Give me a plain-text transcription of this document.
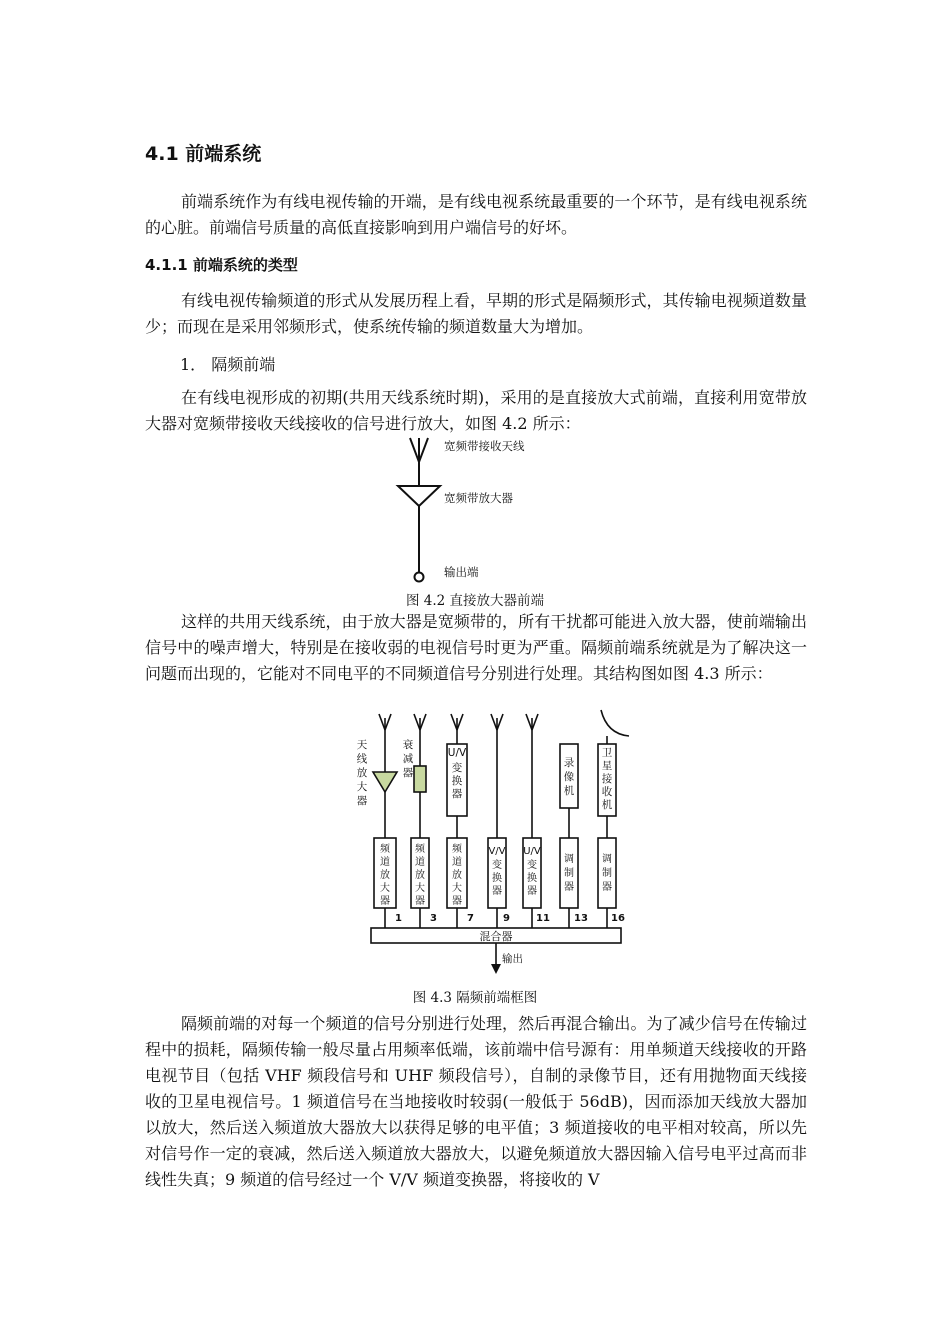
4.1 前端系统

前端系统作为有线电视传输的开端，是有线电视系统最重要的一个环节，是有线电视系统的心脏。前端信号质量的高低直接影响到用户端信号的好坏。

4.1.1 前端系统的类型

有线电视传输频道的形式从发展历程上看，早期的形式是隔频形式，其传输电视频道数量少；而现在是采用邻频形式，使系统传输的频道数量大为增加。

1． 隔频前端

在有线电视形成的初期(共用天线系统时期)，采用的是直接放大式前端，直接利用宽带放大器对宽频带接收天线接收的信号进行放大，如图 4.2 所示：

宽频带接收天线
宽频带放大器
输出端
图 4.2 直接放大器前端

这样的共用天线系统，由于放大器是宽频带的，所有干扰都可能进入放大器，使前端输出信号中的噪声增大，特别是在接收弱的电视信号时更为严重。隔频前端系统就是为了解决这一问题而出现的，它能对不同电平的不同频道信号分别进行处理。其结构图如图 4.3 所示：

天线放大器
衰减器
U/V 变换器
录像机
卫星接收机
频道放大器
频道放大器
频道放大器
V/V 变换器
U/V 变换器
调制器
调制器
1	3	7	9	11 13 16
混合器
输出
图 4.3 隔频前端框图

隔频前端的对每一个频道的信号分别进行处理，然后再混合输出。为了减少信号在传输过程中的损耗，隔频传输一般尽量占用频率低端，该前端中信号源有：用单频道天线接收的开路电视节目（包括 VHF 频段信号和 UHF 频段信号），自制的录像节目，还有用抛物面天线接收的卫星电视信号。1 频道信号在当地接收时较弱(一般低于 56dB)，因而添加天线放大器加以放大，然后送入频道放大器放大以获得足够的电平值；3 频道接收的电平相对较高，所以先对信号作一定的衰减，然后送入频道放大器放大，以避免频道放大器因输入信号电平过高而非线性失真；9 频道的信号经过一个 V/V 频道变换器，将接收的 V
